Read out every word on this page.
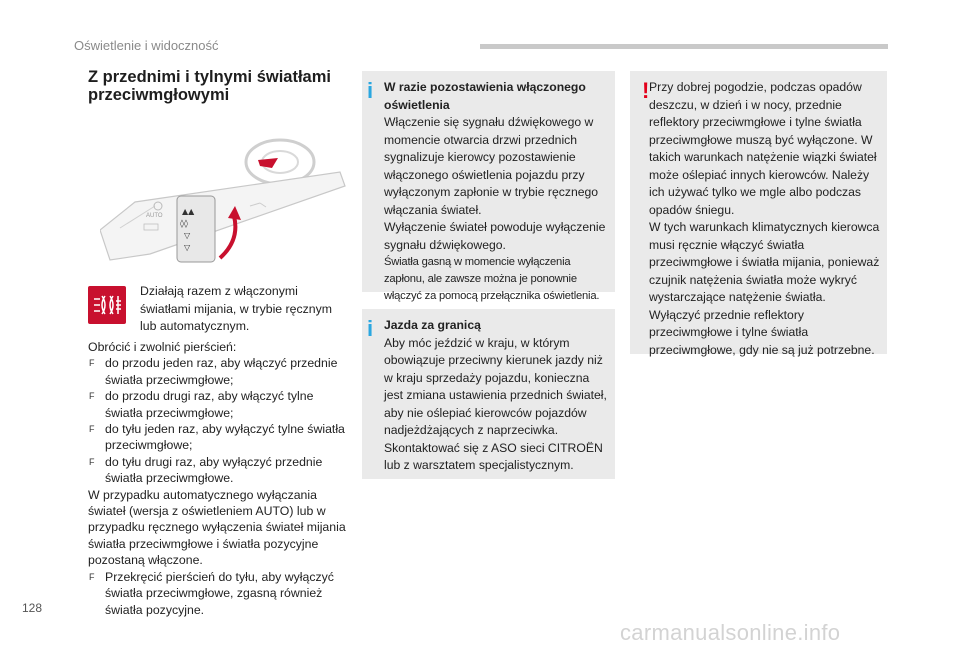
Oświetlenie i widoczność
Z przednimi i tylnymi światłami przeciwmgłowymi
AUTO ▲▲
◊◊
▽
▽
Działają razem z włączonymi światłami mijania, w trybie ręcznym lub automatycznym.

Obrócić i zwolnić pierścień:

F do przodu jeden raz, aby włączyć przednie światła przeciwmgłowe;

F do przodu drugi raz, aby włączyć tylne światła przeciwmgłowe;

F do tyłu jeden raz, aby wyłączyć tylne światła przeciwmgłowe;

F do tyłu drugi raz, aby wyłączyć przednie światła przeciwmgłowe.

W przypadku automatycznego wyłączania świateł (wersja z oświetleniem AUTO) lub w przypadku ręcznego wyłączenia świateł mijania światła przeciwmgłowe i światła pozycyjne pozostaną włączone.

F Przekręcić pierścień do tyłu, aby wyłączyć światła przeciwmgłowe, zgasną również światła pozycyjne.

i W razie pozostawienia włączonego oświetlenia
Włączenie się sygnału dźwiękowego w momencie otwarcia drzwi przednich sygnalizuje kierowcy pozostawienie włączonego oświetlenia pojazdu przy wyłączonym zapłonie w trybie ręcznego włączania świateł.
Wyłączenie świateł powoduje wyłączenie sygnału dźwiękowego.
Światła gasną w momencie wyłączenia zapłonu, ale zawsze można je ponownie włączyć za pomocą przełącznika oświetlenia.
i Jazda za granicą
Aby móc jeździć w kraju, w którym obowiązuje przeciwny kierunek jazdy niż w kraju sprzedaży pojazdu, konieczna jest zmiana ustawienia przednich świateł, aby nie oślepiać kierowców pojazdów nadjeżdżających z naprzeciwka. Skontaktować się z ASO sieci CITROËN lub z warsztatem specjalistycznym.
! Przy dobrej pogodzie, podczas opadów deszczu, w dzień i w nocy, przednie reflektory przeciwmgłowe i tylne światła przeciwmgłowe muszą być wyłączone. W takich warunkach natężenie wiązki świateł może oślepiać innych kierowców. Należy ich używać tylko we mgle albo podczas opadów śniegu.
W tych warunkach klimatycznych kierowca musi ręcznie włączyć światła przeciwmgłowe i światła mijania, ponieważ czujnik natężenia światła może wykryć wystarczające natężenie światła.
Wyłączyć przednie reflektory przeciwmgłowe i tylne światła przeciwmgłowe, gdy nie są już potrzebne.
128
carmanualsonline.info
